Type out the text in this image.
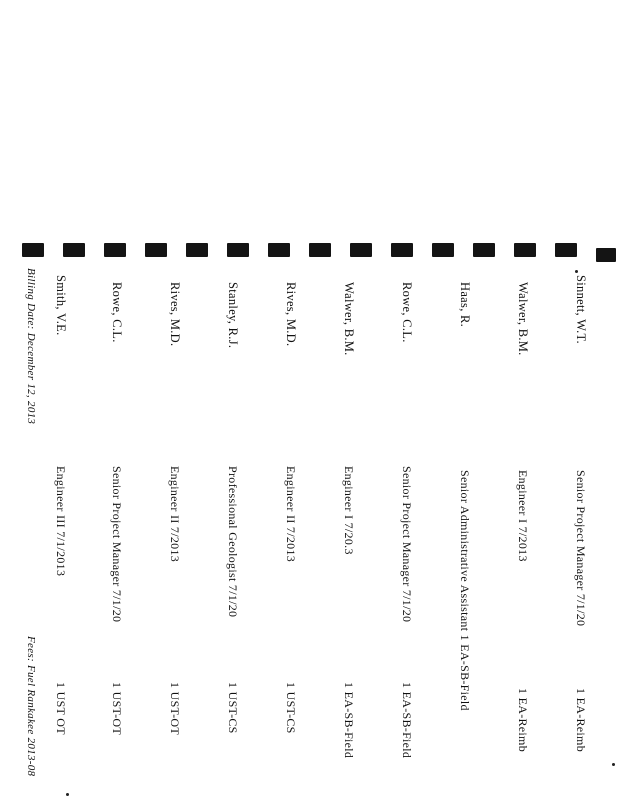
Sinnett, W.T.
Senior Project Manager 7/1/20
1 EA-Reimb
Walwer, B.M.
Engineer I 7/2013
1 EA-Reimb
Haas, R.
Senior Administrative Assistant 1 EA-SB-Field
Rowe, C.L.
Senior Project Manager 7/1/20
1 EA-SB-Field
Walwer, B.M.
Engineer I 7/20.3
1 EA-SB-Field
Rives, M.D.
Engineer II 7/2013
1 UST-CS
Stanley, R.J.
Professional Geologist 7/1/20
1 UST-CS
Rives, M.D.
Engineer II 7/2013
1 UST-OT
Rowe, C.L.
Senior Project Manager 7/1/20
1 UST-OT
Smith, V.E.
Engineer III 7/1/2013
1 UST OT
Billing Date: December 12, 2013
Fees: Fuel Rankakee 2013-08
